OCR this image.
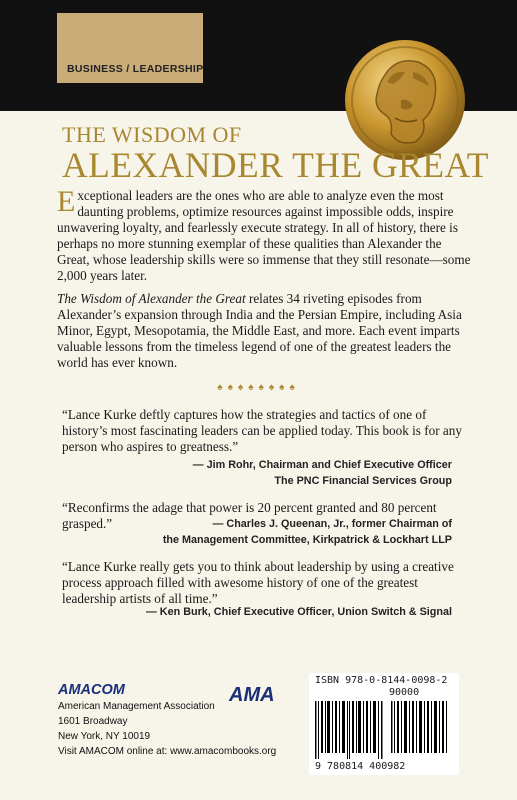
BUSINESS / LEADERSHIP
THE WISDOM OF
ALEXANDER THE GREAT

Exceptional leaders are the ones who are able to analyze even the most daunting problems, optimize resources against impossible odds, inspire unwavering loyalty, and fearlessly execute strategy. In all of history, there is perhaps no more stunning exemplar of these qualities than Alexander the Great, whose leadership skills were so immense that they still resonate—some 2,000 years later.

The Wisdom of Alexander the Great relates 34 riveting episodes from Alexander’s expansion through India and the Persian Empire, including Asia Minor, Egypt, Mesopotamia, the Middle East, and more. Each event imparts valuable lessons from the timeless legend of one of the greatest leaders the world has ever known.

♠♠♠♠♠♠♠♠

“Lance Kurke deftly captures how the strategies and tactics of one of history’s most fascinating leaders can be applied today. This book is for any person who aspires to greatness.”

— Jim Rohr, Chairman and Chief Executive Officer
The PNC Financial Services Group

“Reconfirms the adage that power is 20 percent granted and 80 percent grasped.”	— Charles J. Queenan, Jr., former Chairman of
the Management Committee, Kirkpatrick & Lockhart LLP

“Lance Kurke really gets you to think about leadership by using a creative process approach filled with awesome history of one of the greatest leadership artists of all time.”

— Ken Burk, Chief Executive Officer, Union Switch & Signal
AMACOM
American Management Association
1601 Broadway
New York, NY 10019
Visit AMACOM online at: www.amacombooks.org
AMA
ISBN 978-0-8144-0098-2
90000
9 780814 400982
